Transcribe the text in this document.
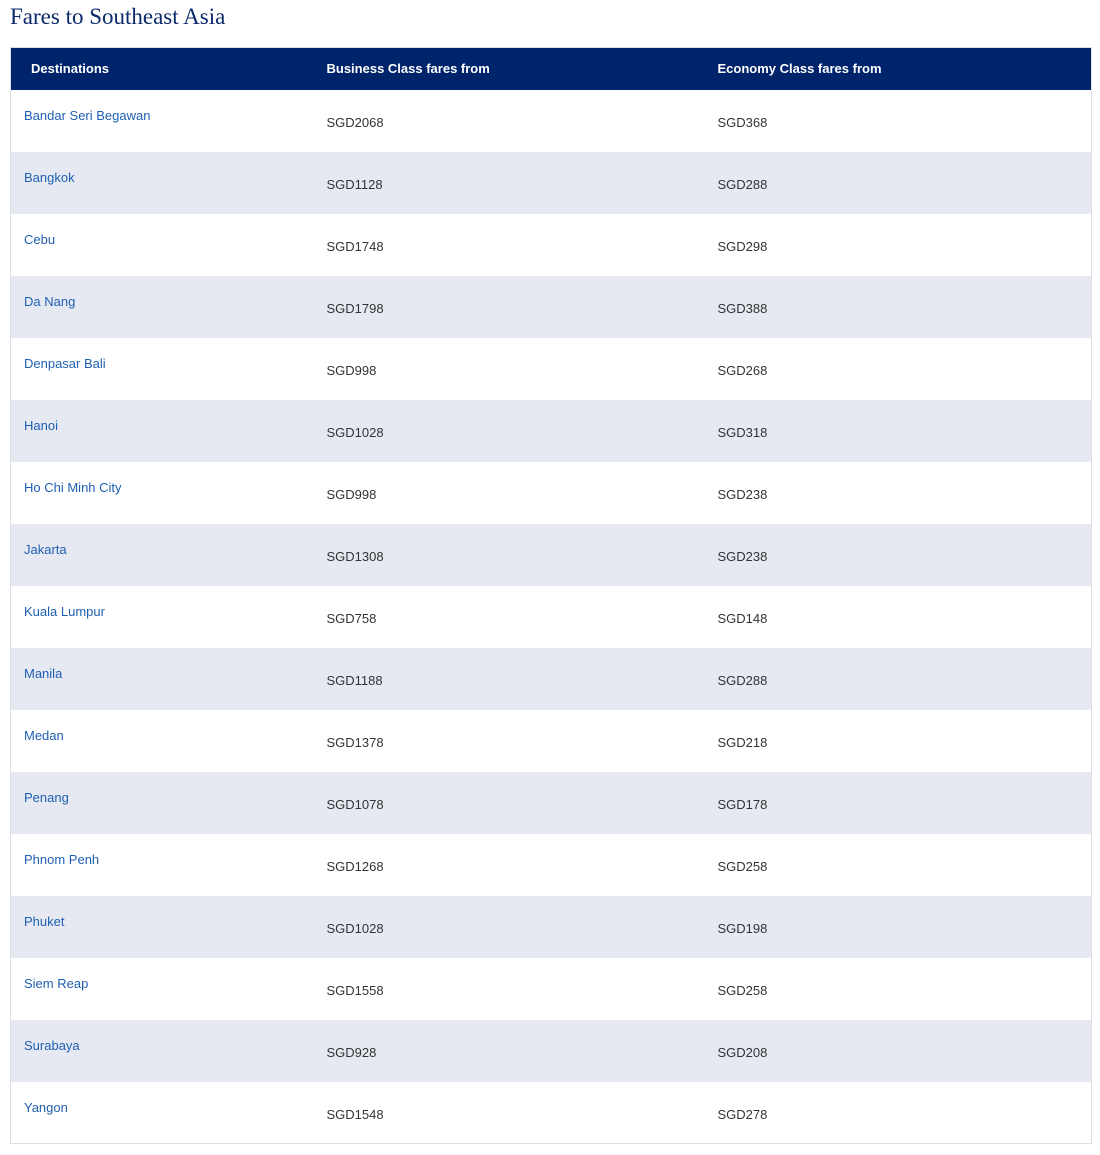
Fares to Southeast Asia
Destinations	Business Class fares from	Economy Class fares from
Bandar Seri Begawan	SGD2068	SGD368
Bangkok	SGD1128	SGD288
Cebu	SGD1748	SGD298
Da Nang	SGD1798	SGD388
Denpasar Bali	SGD998	SGD268
Hanoi	SGD1028	SGD318
Ho Chi Minh City	SGD998	SGD238
Jakarta	SGD1308	SGD238
Kuala Lumpur	SGD758	SGD148
Manila	SGD1188	SGD288
Medan	SGD1378	SGD218
Penang	SGD1078	SGD178
Phnom Penh	SGD1268	SGD258
Phuket	SGD1028	SGD198
Siem Reap	SGD1558	SGD258
Surabaya	SGD928	SGD208
Yangon	SGD1548	SGD278
